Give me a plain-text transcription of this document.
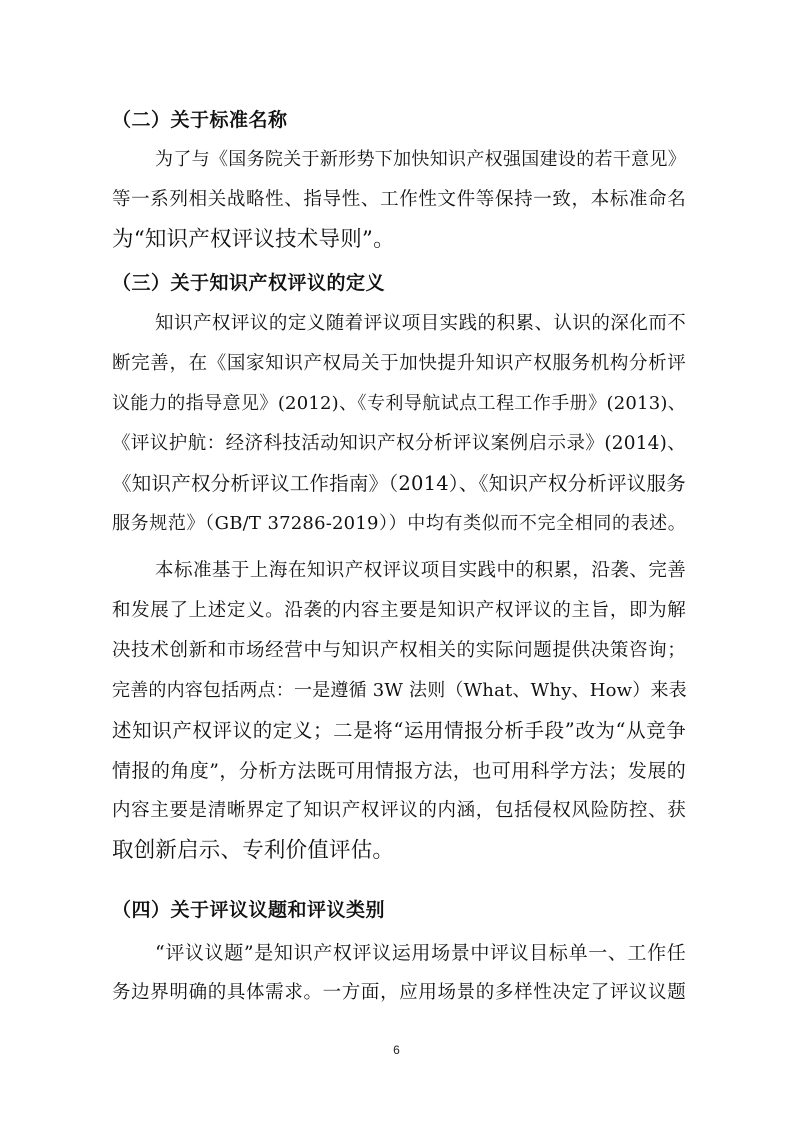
（二）关于标准名称
为了与《国务院关于新形势下加快知识产权强国建设的若干意见》
等一系列相关战略性、指导性、工作性文件等保持一致，本标准命名
为“知识产权评议技术导则”。
（三）关于知识产权评议的定义
知识产权评议的定义随着评议项目实践的积累、认识的深化而不
断完善，在《国家知识产权局关于加快提升知识产权服务机构分析评
议能力的指导意见》(2012)、《专利导航试点工程工作手册》(2013)、
《评议护航：经济科技活动知识产权分析评议案例启示录》(2014)、
《知识产权分析评议工作指南》（2014）、《知识产权分析评议服务
服务规范》（GB/T 37286-2019））中均有类似而不完全相同的表述。
本标准基于上海在知识产权评议项目实践中的积累，沿袭、完善
和发展了上述定义。沿袭的内容主要是知识产权评议的主旨，即为解
决技术创新和市场经营中与知识产权相关的实际问题提供决策咨询；
完善的内容包括两点：一是遵循 3W 法则（What、Why、How）来表
述知识产权评议的定义；二是将“运用情报分析手段”改为“从竞争
情报的角度”，分析方法既可用情报方法，也可用科学方法；发展的
内容主要是清晰界定了知识产权评议的内涵，包括侵权风险防控、获
取创新启示、专利价值评估。
（四）关于评议议题和评议类别
“评议议题”是知识产权评议运用场景中评议目标单一、工作任
务边界明确的具体需求。一方面，应用场景的多样性决定了评议议题
6
